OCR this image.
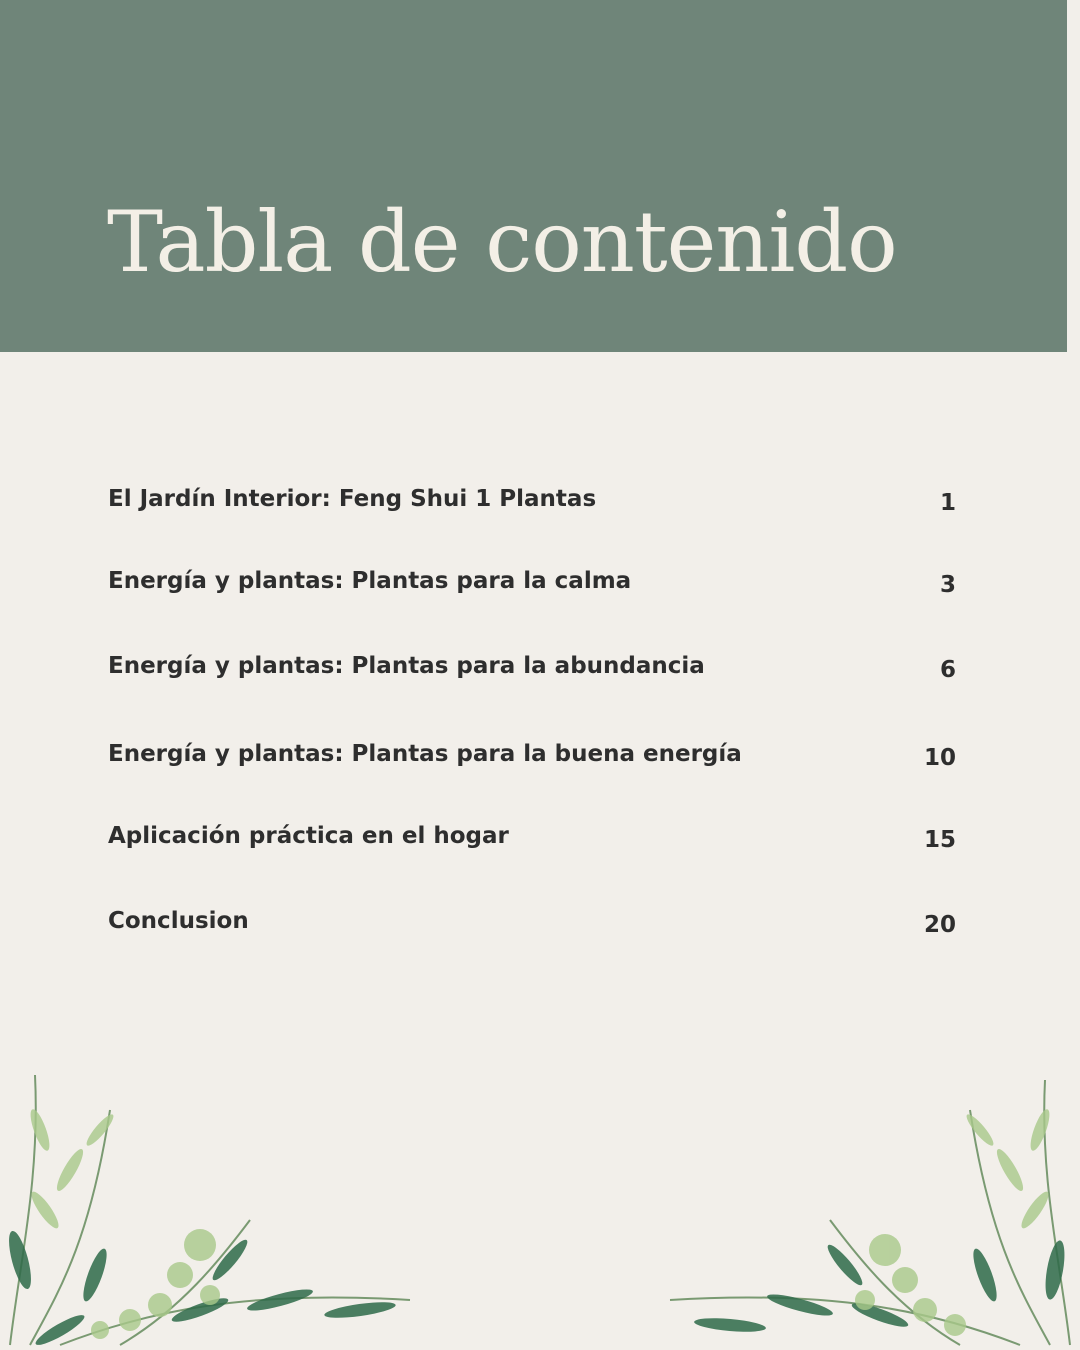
Tabla de contenido
El Jardín Interior: Feng Shui 1 Plantas	1
Energía y plantas: Plantas para la calma	3
Energía y plantas: Plantas para la abundancia	6
Energía y plantas: Plantas para la buena energía	10
Aplicación práctica en el hogar	15
Conclusion	20
